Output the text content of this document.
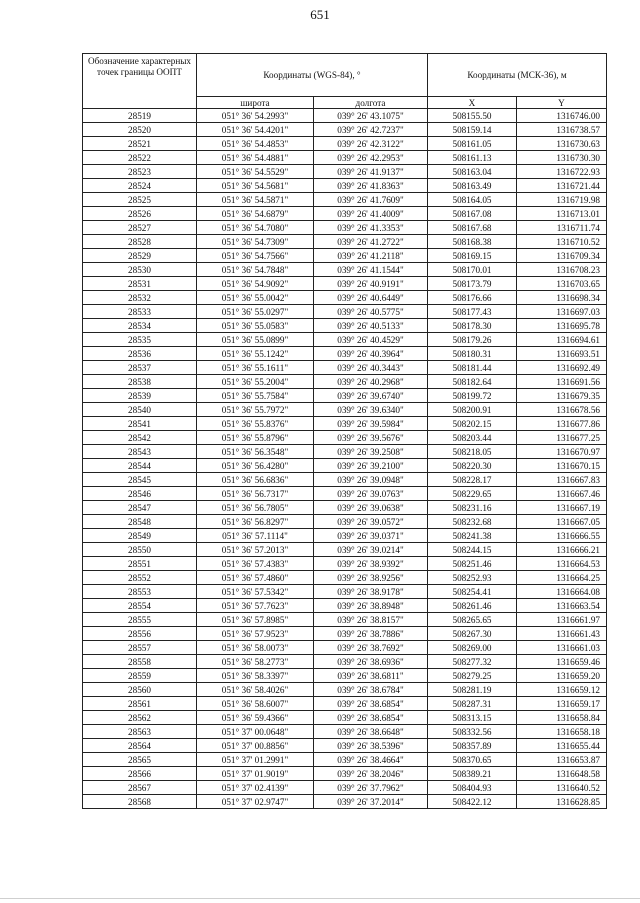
651
Обозначение характерных точек границы ООПТ	Координаты (WGS-84), °		Координаты (МСК-36), м	
	широта	долгота	X	Y
28519	051° 36' 54.2993"	039° 26' 43.1075"	508155.50	1316746.00
28520	051° 36' 54.4201"	039° 26' 42.7237"	508159.14	1316738.57
28521	051° 36' 54.4853"	039° 26' 42.3122"	508161.05	1316730.63
28522	051° 36' 54.4881"	039° 26' 42.2953"	508161.13	1316730.30
28523	051° 36' 54.5529"	039° 26' 41.9137"	508163.04	1316722.93
28524	051° 36' 54.5681"	039° 26' 41.8363"	508163.49	1316721.44
28525	051° 36' 54.5871"	039° 26' 41.7609"	508164.05	1316719.98
28526	051° 36' 54.6879"	039° 26' 41.4009"	508167.08	1316713.01
28527	051° 36' 54.7080"	039° 26' 41.3353"	508167.68	1316711.74
28528	051° 36' 54.7309"	039° 26' 41.2722"	508168.38	1316710.52
28529	051° 36' 54.7566"	039° 26' 41.2118"	508169.15	1316709.34
28530	051° 36' 54.7848"	039° 26' 41.1544"	508170.01	1316708.23
28531	051° 36' 54.9092"	039° 26' 40.9191"	508173.79	1316703.65
28532	051° 36' 55.0042"	039° 26' 40.6449"	508176.66	1316698.34
28533	051° 36' 55.0297"	039° 26' 40.5775"	508177.43	1316697.03
28534	051° 36' 55.0583"	039° 26' 40.5133"	508178.30	1316695.78
28535	051° 36' 55.0899"	039° 26' 40.4529"	508179.26	1316694.61
28536	051° 36' 55.1242"	039° 26' 40.3964"	508180.31	1316693.51
28537	051° 36' 55.1611"	039° 26' 40.3443"	508181.44	1316692.49
28538	051° 36' 55.2004"	039° 26' 40.2968"	508182.64	1316691.56
28539	051° 36' 55.7584"	039° 26' 39.6740"	508199.72	1316679.35
28540	051° 36' 55.7972"	039° 26' 39.6340"	508200.91	1316678.56
28541	051° 36' 55.8376"	039° 26' 39.5984"	508202.15	1316677.86
28542	051° 36' 55.8796"	039° 26' 39.5676"	508203.44	1316677.25
28543	051° 36' 56.3548"	039° 26' 39.2508"	508218.05	1316670.97
28544	051° 36' 56.4280"	039° 26' 39.2100"	508220.30	1316670.15
28545	051° 36' 56.6836"	039° 26' 39.0948"	508228.17	1316667.83
28546	051° 36' 56.7317"	039° 26' 39.0763"	508229.65	1316667.46
28547	051° 36' 56.7805"	039° 26' 39.0638"	508231.16	1316667.19
28548	051° 36' 56.8297"	039° 26' 39.0572"	508232.68	1316667.05
28549	051° 36' 57.1114"	039° 26' 39.0371"	508241.38	1316666.55
28550	051° 36' 57.2013"	039° 26' 39.0214"	508244.15	1316666.21
28551	051° 36' 57.4383"	039° 26' 38.9392"	508251.46	1316664.53
28552	051° 36' 57.4860"	039° 26' 38.9256"	508252.93	1316664.25
28553	051° 36' 57.5342"	039° 26' 38.9178"	508254.41	1316664.08
28554	051° 36' 57.7623"	039° 26' 38.8948"	508261.46	1316663.54
28555	051° 36' 57.8985"	039° 26' 38.8157"	508265.65	1316661.97
28556	051° 36' 57.9523"	039° 26' 38.7886"	508267.30	1316661.43
28557	051° 36' 58.0073"	039° 26' 38.7692"	508269.00	1316661.03
28558	051° 36' 58.2773"	039° 26' 38.6936"	508277.32	1316659.46
28559	051° 36' 58.3397"	039° 26' 38.6811"	508279.25	1316659.20
28560	051° 36' 58.4026"	039° 26' 38.6784"	508281.19	1316659.12
28561	051° 36' 58.6007"	039° 26' 38.6854"	508287.31	1316659.17
28562	051° 36' 59.4366"	039° 26' 38.6854"	508313.15	1316658.84
28563	051° 37' 00.0648"	039° 26' 38.6648"	508332.56	1316658.18
28564	051° 37' 00.8856"	039° 26' 38.5396"	508357.89	1316655.44
28565	051° 37' 01.2991"	039° 26' 38.4664"	508370.65	1316653.87
28566	051° 37' 01.9019"	039° 26' 38.2046"	508389.21	1316648.58
28567	051° 37' 02.4139"	039° 26' 37.7962"	508404.93	1316640.52
28568	051° 37' 02.9747"	039° 26' 37.2014"	508422.12	1316628.85
